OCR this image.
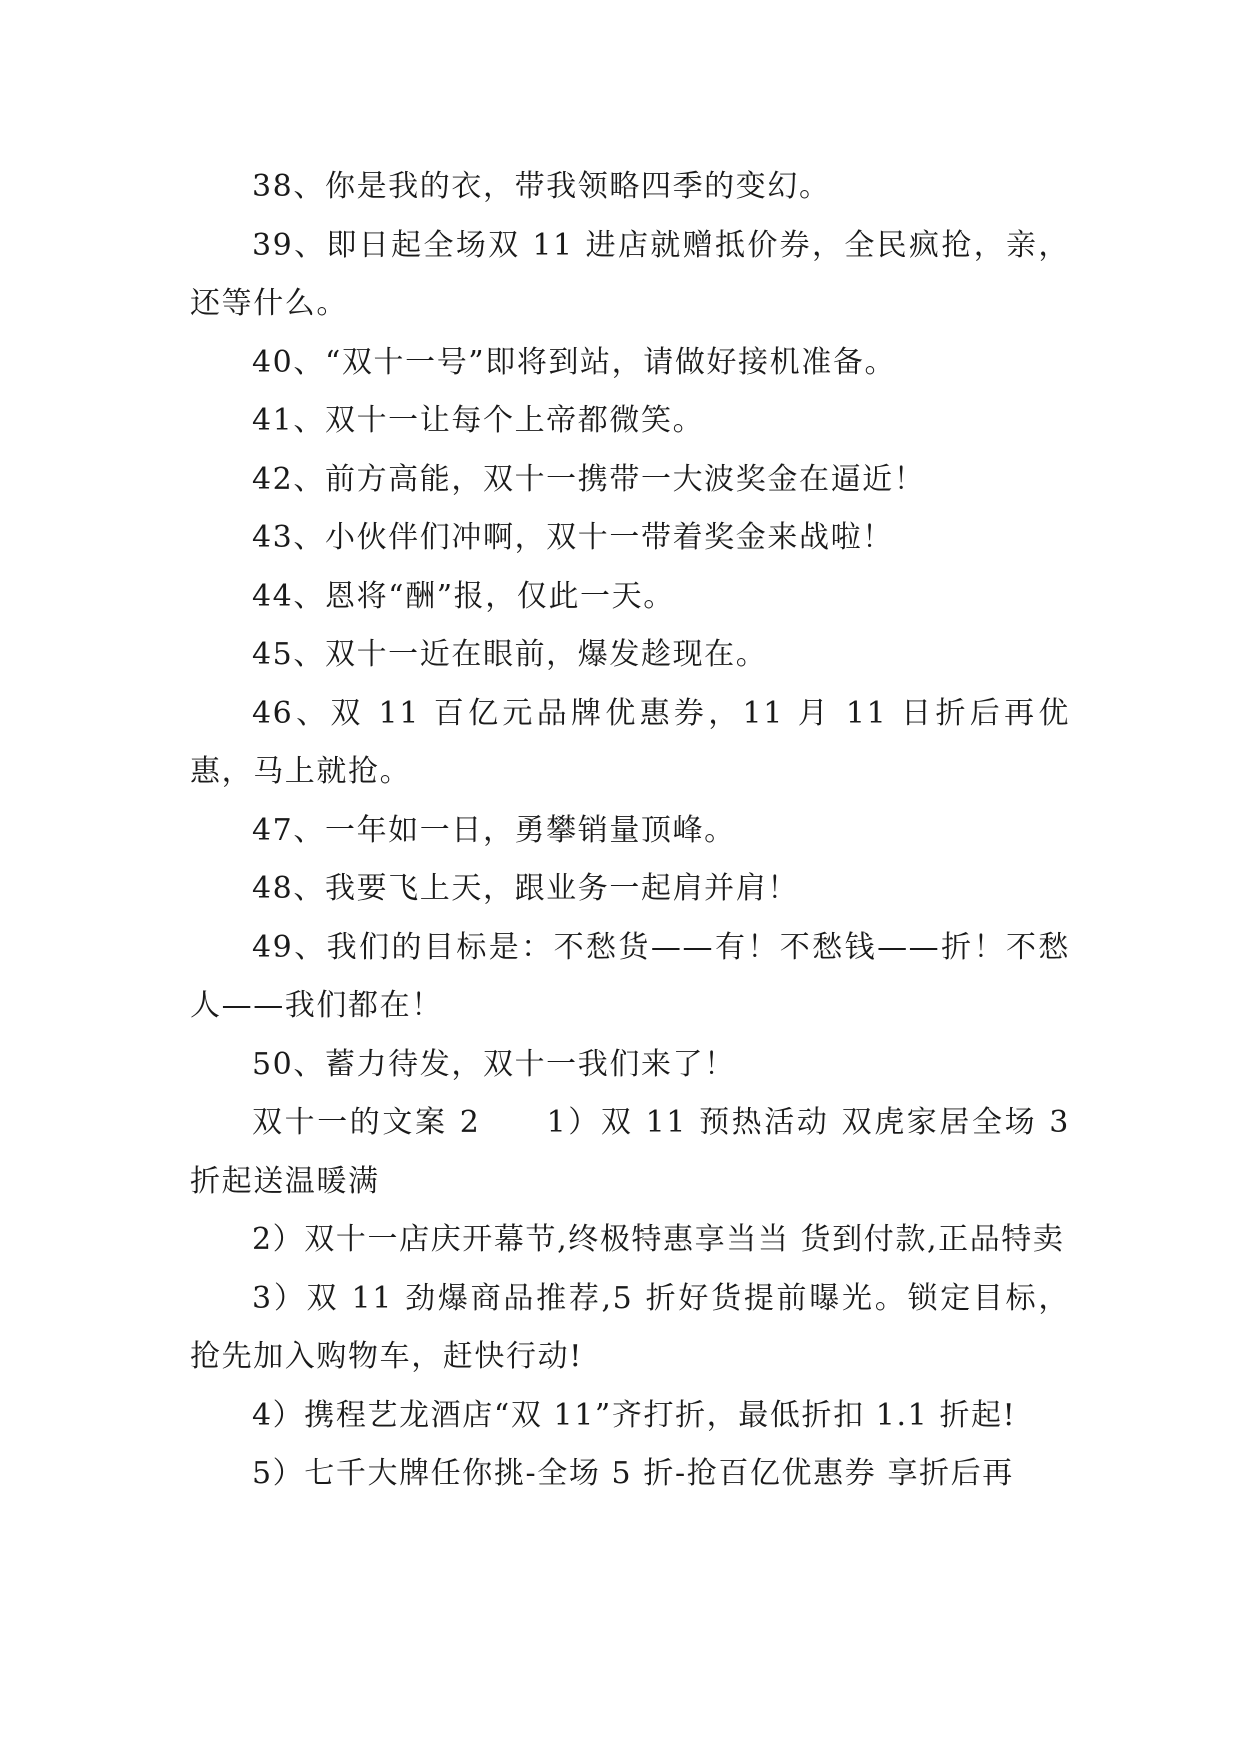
38、你是我的衣，带我领略四季的变幻。

39、即日起全场双 11 进店就赠抵价券，全民疯抢，亲，还等什么。

40、“双十一号”即将到站，请做好接机准备。

41、双十一让每个上帝都微笑。

42、前方高能，双十一携带一大波奖金在逼近！

43、小伙伴们冲啊，双十一带着奖金来战啦！

44、恩将“酬”报，仅此一天。

45、双十一近在眼前，爆发趁现在。

46、双 11 百亿元品牌优惠券，11 月 11 日折后再优惠，马上就抢。

47、一年如一日，勇攀销量顶峰。

48、我要飞上天，跟业务一起肩并肩！

49、我们的目标是：不愁货——有！不愁钱——折！不愁人——我们都在！

50、蓄力待发，双十一我们来了！

双十一的文案 2　　1）双 11 预热活动 双虎家居全场 3 折起送温暖满

2）双十一店庆开幕节,终极特惠享当当 货到付款,正品特卖

3）双 11 劲爆商品推荐,5 折好货提前曝光。锁定目标，抢先加入购物车，赶快行动!

4）携程艺龙酒店“双 11”齐打折，最低折扣 1.1 折起!

5）七千大牌任你挑-全场 5 折-抢百亿优惠券 享折后再
